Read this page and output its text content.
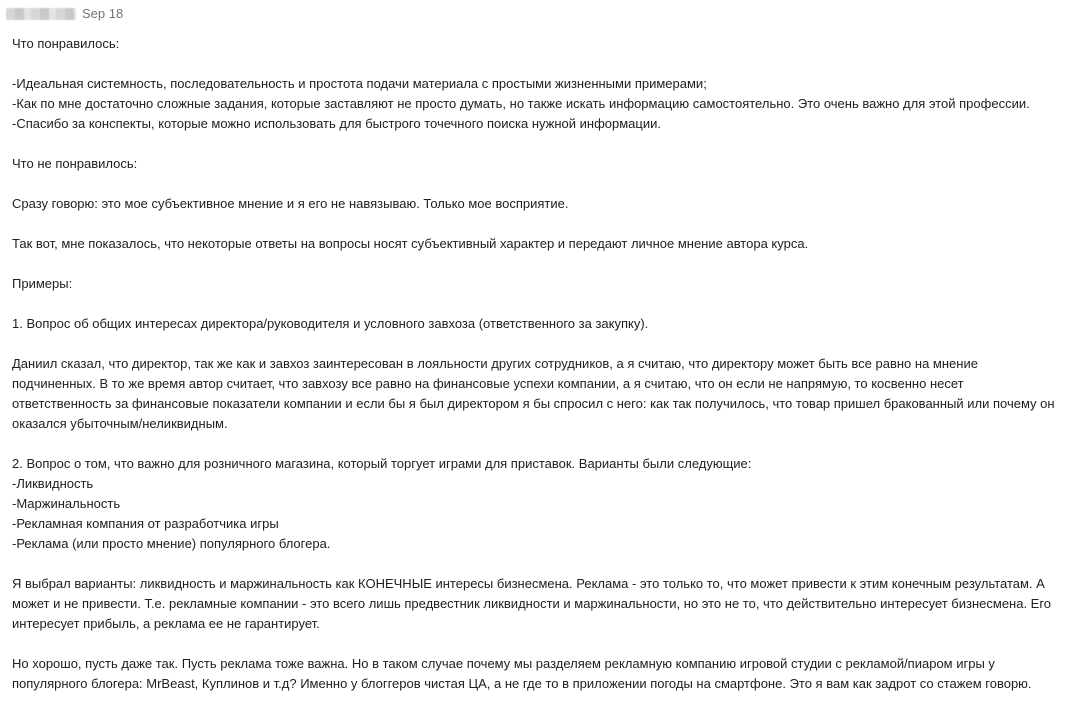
Sep 18

Что понравилось:

-Идеальная системность, последовательность и простота подачи материала с простыми жизненными примерами;

-Как по мне достаточно сложные задания, которые заставляют не просто думать, но также искать информацию самостоятельно. Это очень важно для этой профессии.

-Спасибо за конспекты, которые можно использовать для быстрого точечного поиска нужной информации.

Что не понравилось:

Сразу говорю: это мое субъективное мнение и я его не навязываю. Только мое восприятие.

Так вот, мне показалось, что некоторые ответы на вопросы носят субъективный характер и передают личное мнение автора курса.

Примеры:

1. Вопрос об общих интересах директора/руководителя и условного завхоза (ответственного за закупку).

Даниил сказал, что директор, так же как и завхоз заинтересован в лояльности других сотрудников, а я считаю, что директору может быть все равно на мнение подчиненных. В то же время автор считает, что завхозу все равно на финансовые успехи компании, а я считаю, что он если не напрямую, то косвенно несет ответственность за финансовые показатели компании и если бы я был директором я бы спросил с него: как так получилось, что товар пришел бракованный или почему он оказался убыточным/неликвидным.

2. Вопрос о том, что важно для розничного магазина, который торгует играми для приставок. Варианты были следующие:

-Ликвидность

-Маржинальность

-Рекламная компания от разработчика игры

-Реклама (или просто мнение) популярного блогера.

Я выбрал варианты: ликвидность и маржинальность как КОНЕЧНЫЕ интересы бизнесмена. Реклама - это только то, что может привести к этим конечным результатам. А может и не привести. Т.е. рекламные компании - это всего лишь предвестник ликвидности и маржинальности, но это не то, что действительно интересует бизнесмена. Его интересует прибыль, а реклама ее не гарантирует.

Но хорошо, пусть даже так. Пусть реклама тоже важна. Но в таком случае почему мы разделяем рекламную компанию игровой студии с рекламой/пиаром игры у популярного блогера: MrBeast, Куплинов и т.д? Именно у блоггеров чистая ЦА, а не где то в приложении погоды на смартфоне. Это я вам как задрот со стажем говорю.
